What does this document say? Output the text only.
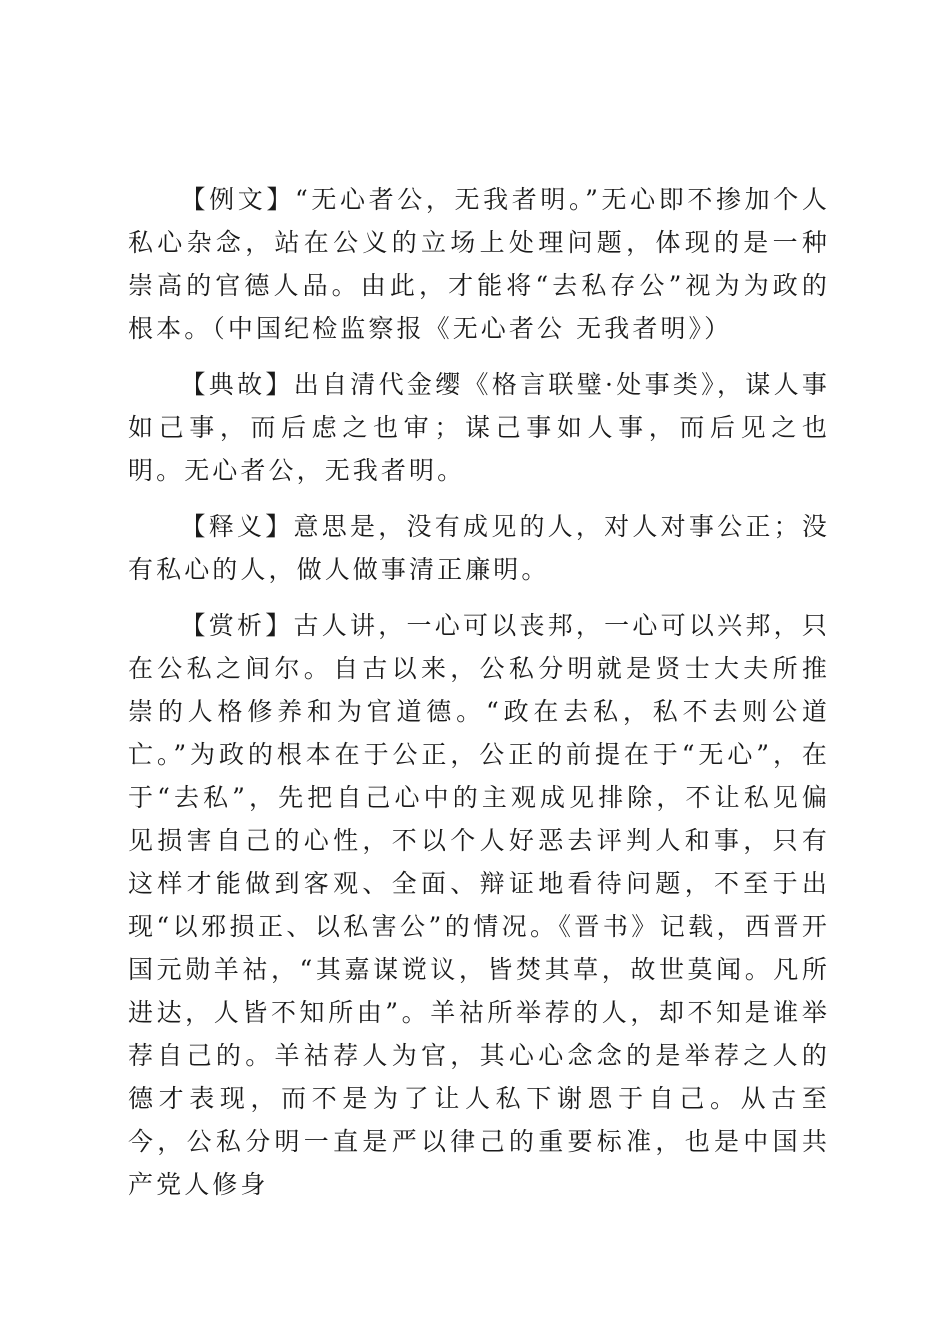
【例文】“无心者公，无我者明。”无心即不掺加个人私心杂念，站在公义的立场上处理问题，体现的是一种崇高的官德人品。由此，才能将“去私存公”视为为政的根本。（中国纪检监察报《无心者公 无我者明》）

【典故】出自清代金缨《格言联璧·处事类》，谋人事如己事，而后虑之也审；谋己事如人事，而后见之也明。无心者公，无我者明。

【释义】意思是，没有成见的人，对人对事公正；没有私心的人，做人做事清正廉明。

【赏析】古人讲，一心可以丧邦，一心可以兴邦，只在公私之间尔。自古以来，公私分明就是贤士大夫所推崇的人格修养和为官道德。“政在去私，私不去则公道亡。”为政的根本在于公正，公正的前提在于“无心”，在于“去私”，先把自己心中的主观成见排除，不让私见偏见损害自己的心性，不以个人好恶去评判人和事，只有这样才能做到客观、全面、辩证地看待问题，不至于出现“以邪损正、以私害公”的情况。《晋书》记载，西晋开国元勋羊祜，“其嘉谋谠议，皆焚其草，故世莫闻。凡所进达，人皆不知所由”。羊祜所举荐的人，却不知是谁举荐自己的。羊祜荐人为官，其心心念念的是举荐之人的德才表现，而不是为了让人私下谢恩于自己。从古至今，公私分明一直是严以律己的重要标准，也是中国共产党人修身
